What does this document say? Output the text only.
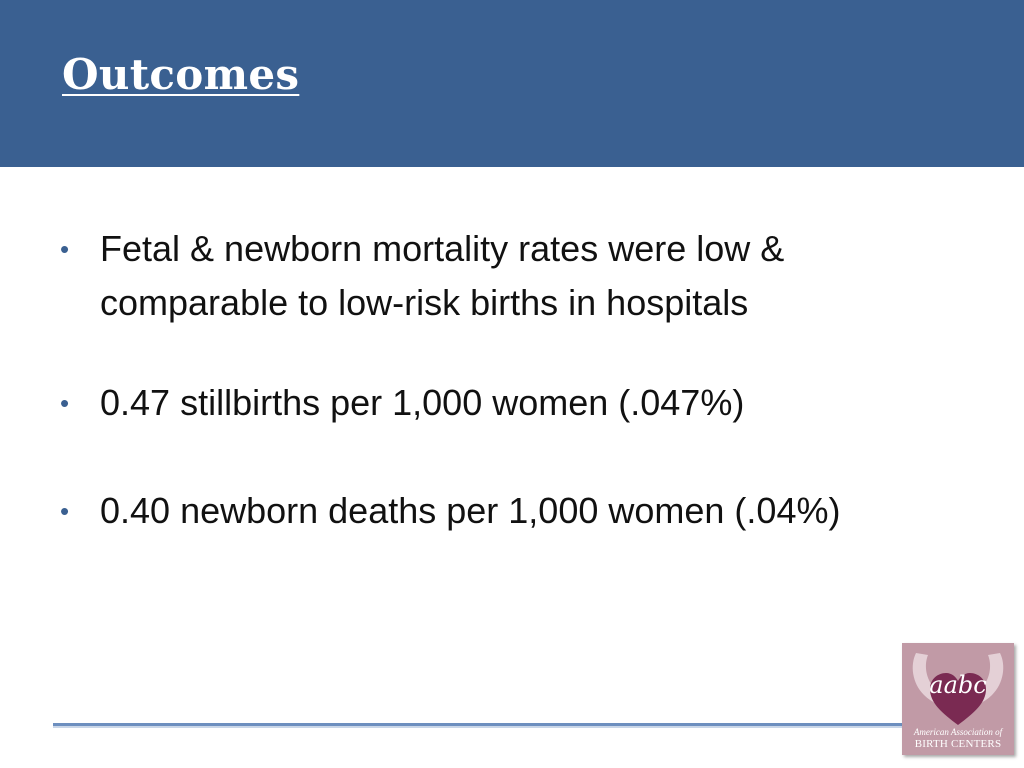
Outcomes
• Fetal & newborn mortality rates were low & comparable to low-risk births in hospitals
• 0.47 stillbirths per 1,000 women (.047%)
• 0.40 newborn deaths per 1,000 women (.04%)
aabc
American Association of
BIRTH CENTERS
